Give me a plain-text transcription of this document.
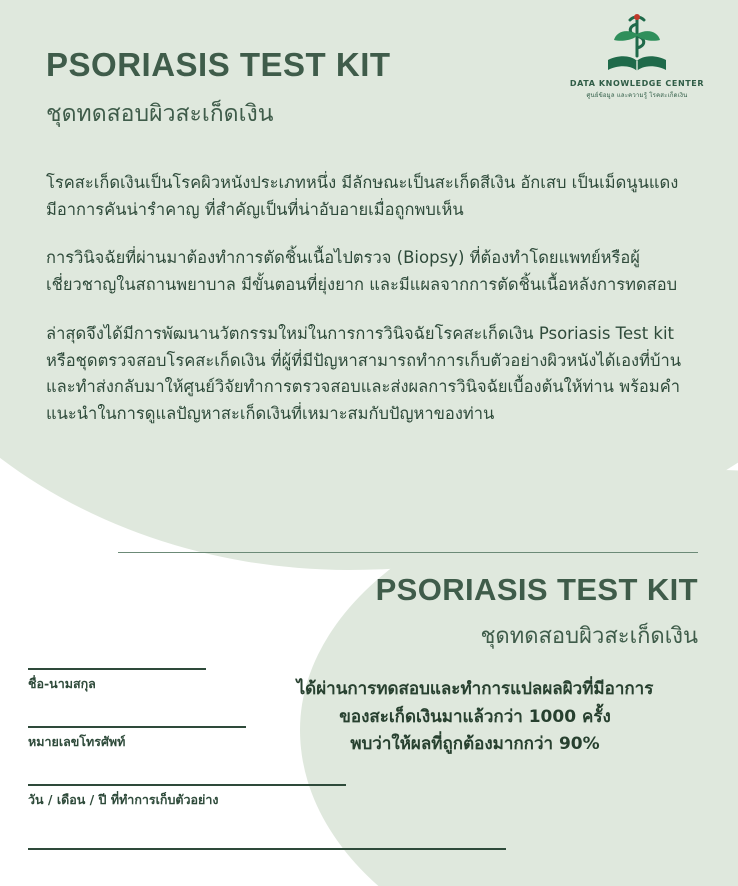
DATA KNOWLEDGE CENTER
ศูนย์ข้อมูล และความรู้ โรคสะเก็ดเงิน
PSORIASIS TEST KIT
ชุดทดสอบผิวสะเก็ดเงิน

โรคสะเก็ดเงินเป็นโรคผิวหนังประเภทหนึ่ง มีลักษณะเป็นสะเก็ดสีเงิน อักเสบ เป็นเม็ดนูนแดง มีอาการคันน่ารำคาญ ที่สำคัญเป็นที่น่าอับอายเมื่อถูกพบเห็น

การวินิจฉัยที่ผ่านมาต้องทำการตัดชิ้นเนื้อไปตรวจ (Biopsy) ที่ต้องทำโดยแพทย์หรือผู้เชี่ยวชาญในสถานพยาบาล มีขั้นตอนที่ยุ่งยาก และมีแผลจากการตัดชิ้นเนื้อหลังการทดสอบ

ล่าสุดจึงได้มีการพัฒนานวัตกรรมใหม่ในการการวินิจฉัยโรคสะเก็ดเงิน Psoriasis Test kit หรือชุดตรวจสอบโรคสะเก็ดเงิน ที่ผู้ที่มีปัญหาสามารถทำการเก็บตัวอย่างผิวหนังได้เองที่บ้าน และทำส่งกลับมาให้ศูนย์วิจัยทำการตรวจสอบและส่งผลการวินิจฉัยเบื้องต้นให้ท่าน พร้อมคำแนะนำในการดูแลปัญหาสะเก็ดเงินที่เหมาะสมกับปัญหาของท่าน

PSORIASIS TEST KIT
ชุดทดสอบผิวสะเก็ดเงิน
ได้ผ่านการทดสอบและทำการแปลผลผิวที่มีอาการ
ของสะเก็ดเงินมาแล้วกว่า 1000 ครั้ง
พบว่าให้ผลที่ถูกต้องมากกว่า 90%
ชื่อ-นามสกุล
หมายเลขโทรศัพท์
วัน / เดือน / ปี ที่ทำการเก็บตัวอย่าง
